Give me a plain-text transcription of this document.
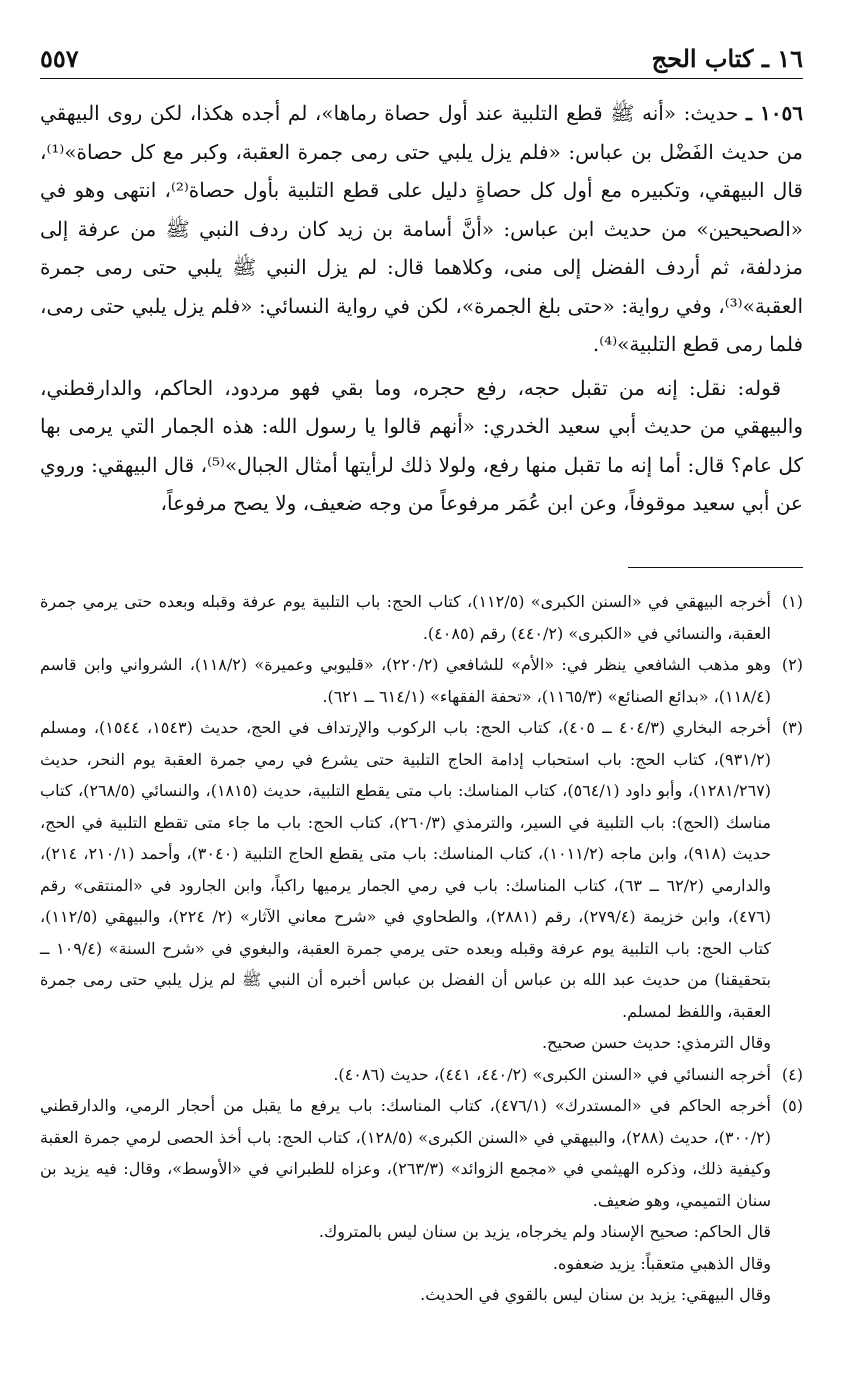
١٦ ـ كتاب الحج
٥٥٧

١٠٥٦ ـ حديث: «أنه ﷺ قطع التلبية عند أول حصاة رماها»، لم أجده هكذا، لكن روى البيهقي من حديث الفَضْل بن عباس: «فلم يزل يلبي حتى رمى جمرة العقبة، وكبر مع كل حصاة»⁽¹⁾، قال البيهقي، وتكبيره مع أول كل حصاةٍ دليل على قطع التلبية بأول حصاة⁽²⁾، انتهى وهو في «الصحيحين» من حديث ابن عباس: «أنَّ أسامة بن زيد كان ردف النبي ﷺ من عرفة إلى مزدلفة، ثم أردف الفضل إلى منى، وكلاهما قال: لم يزل النبي ﷺ يلبي حتى رمى جمرة العقبة»⁽³⁾، وفي رواية: «حتى بلغ الجمرة»، لكن في رواية النسائي: «فلم يزل يلبي حتى رمى، فلما رمى قطع التلبية»⁽⁴⁾.

قوله: نقل: إنه من تقبل حجه، رفع حجره، وما بقي فهو مردود، الحاكم، والدارقطني، والبيهقي من حديث أبي سعيد الخدري: «أنهم قالوا يا رسول الله: هذه الجمار التي يرمى بها كل عام؟ قال: أما إنه ما تقبل منها رفع، ولولا ذلك لرأيتها أمثال الجبال»⁽⁵⁾، قال البيهقي: وروي عن أبي سعيد موقوفاً، وعن ابن عُمَر مرفوعاً من وجه ضعيف، ولا يصح مرفوعاً،

(١)

أخرجه البيهقي في «السنن الكبرى» (١١٢/٥)، كتاب الحج: باب التلبية يوم عرفة وقبله وبعده حتى يرمي جمرة العقبة، والنسائي في «الكبرى» (٤٤٠/٢) رقم (٤٠٨٥).

(٢)

وهو مذهب الشافعي ينظر في: «الأم» للشافعي (٢٢٠/٢)، «قليوبي وعميرة» (١١٨/٢)، الشرواني وابن قاسم (١١٨/٤)، «بدائع الصنائع» (١١٦٥/٣)، «تحفة الفقهاء» (٦١٤/١ ــ ٦٢١).

(٣)

أخرجه البخاري (٤٠٤/٣ ــ ٤٠٥)، كتاب الحج: باب الركوب والإرتداف في الحج، حديث (١٥٤٣، ١٥٤٤)، ومسلم (٩٣١/٢)، كتاب الحج: باب استحباب إدامة الحاج التلبية حتى يشرع في رمي جمرة العقبة يوم النحر، حديث (١٢٨١/٢٦٧)، وأبو داود (٥٦٤/١)، كتاب المناسك: باب متى يقطع التلبية، حديث (١٨١٥)، والنسائي (٢٦٨/٥)، كتاب مناسك (الحج): باب التلبية في السير، والترمذي (٢٦٠/٣)، كتاب الحج: باب ما جاء متى تقطع التلبية في الحج، حديث (٩١٨)، وابن ماجه (١٠١١/٢)، كتاب المناسك: باب متى يقطع الحاج التلبية (٣٠٤٠)، وأحمد (٢١٠/١، ٢١٤)، والدارمي (٦٢/٢ ــ ٦٣)، كتاب المناسك: باب في رمي الجمار يرميها راكباً، وابن الجارود في «المنتقى» رقم (٤٧٦)، وابن خزيمة (٢٧٩/٤)، رقم (٢٨٨١)، والطحاوي في «شرح معاني الآثار» (٢/ ٢٢٤)، والبيهقي (١١٢/٥)، كتاب الحج: باب التلبية يوم عرفة وقبله وبعده حتى يرمي جمرة العقبة، والبغوي في «شرح السنة» (١٠٩/٤ ــ بتحقيقنا) من حديث عبد الله بن عباس أن الفضل بن عباس أخبره أن النبي ﷺ لم يزل يلبي حتى رمى جمرة العقبة، واللفظ لمسلم.

وقال الترمذي: حديث حسن صحيح.

(٤)

أخرجه النسائي في «السنن الكبرى» (٤٤٠/٢، ٤٤١)، حديث (٤٠٨٦).

(٥)

أخرجه الحاكم في «المستدرك» (٤٧٦/١)، كتاب المناسك: باب يرفع ما يقبل من أحجار الرمي، والدارقطني (٣٠٠/٢)، حديث (٢٨٨)، والبيهقي في «السنن الكبرى» (١٢٨/٥)، كتاب الحج: باب أخذ الحصى لرمي جمرة العقبة وكيفية ذلك، وذكره الهيثمي في «مجمع الزوائد» (٢٦٣/٣)، وعزاه للطبراني في «الأوسط»، وقال: فيه يزيد بن سنان التميمي، وهو ضعيف.

قال الحاكم: صحيح الإسناد ولم يخرجاه، يزيد بن سنان ليس بالمتروك.

وقال الذهبي متعقباً: يزيد ضعفوه.

وقال البيهقي: يزيد بن سنان ليس بالقوي في الحديث.
